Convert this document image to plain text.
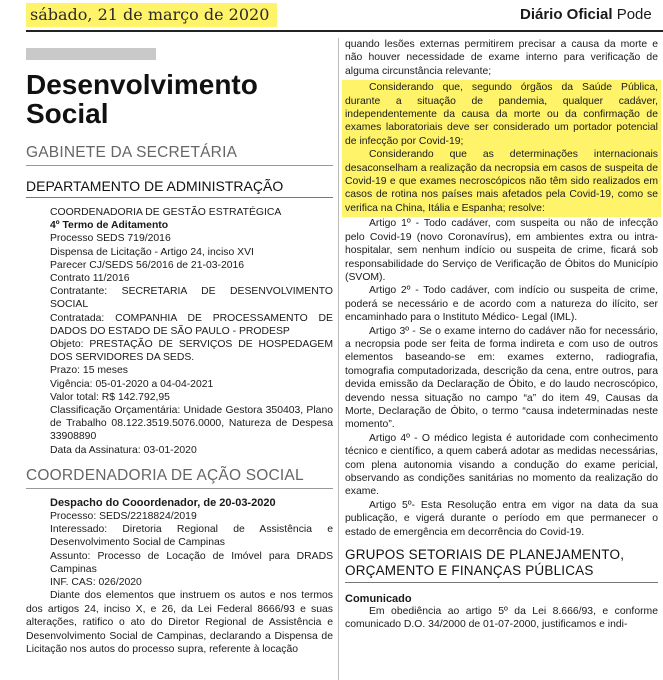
sábado, 21 de março de 2020	Diário Oficial Pode
Desenvolvimento
Social
GABINETE DA SECRETÁRIA
DEPARTAMENTO DE ADMINISTRAÇÃO
COORDENADORIA DE GESTÃO ESTRATÉGICA
4º Termo de Aditamento
Processo SEDS 719/2016
Dispensa de Licitação - Artigo 24, inciso XVI
Parecer CJ/SEDS 56/2016 de 21-03-2016
Contrato 11/2016
Contratante: SECRETARIA DE DESENVOLVIMENTO SOCIAL
Contratada: COMPANHIA DE PROCESSAMENTO DE DADOS DO ESTADO DE SÃO PAULO - PRODESP
Objeto: PRESTAÇÃO DE SERVIÇOS DE HOSPEDAGEM DOS SERVIDORES DA SEDS.
Prazo: 15 meses
Vigência: 05-01-2020 a 04-04-2021
Valor total: R$ 142.792,95
Classificação Orçamentária: Unidade Gestora 350403, Plano de Trabalho 08.122.3519.5076.0000, Natureza de Despesa 33908890
Data da Assinatura: 03-01-2020
COORDENADORIA DE AÇÃO SOCIAL
Despacho do Cooordenador, de 20-03-2020
Processo: SEDS/2218824/2019
Interessado: Diretoria Regional de Assistência e Desenvolvimento Social de Campinas
Assunto: Processo de Locação de Imóvel para DRADS Campinas
INF. CAS: 026/2020

Diante dos elementos que instruem os autos e nos termos dos artigos 24, inciso X, e 26, da Lei Federal 8666/93 e suas alterações, ratifico o ato do Diretor Regional de Assistência e Desenvolvimento Social de Campinas, declarando a Dispensa de Licitação nos autos do processo supra, referente à locação

quando lesões externas permitirem precisar a causa da morte e não houver necessidade de exame interno para verificação de alguma circunstância relevante;

Considerando que, segundo órgãos da Saúde Pública, durante a situação de pandemia, qualquer cadáver, independentemente da causa da morte ou da confirmação de exames laboratoriais deve ser considerado um portador potencial de infecção por Covid-19;

Considerando que as determinações internacionais desaconselham a realização da necropsia em casos de suspeita de Covid-19 e que exames necroscópicos não têm sido realizados em casos de rotina nos países mais afetados pela Covid-19, como se verifica na China, Itália e Espanha; resolve:

Artigo 1º - Todo cadáver, com suspeita ou não de infecção pelo Covid-19 (novo Coronavírus), em ambientes extra ou intra-hospitalar, sem nenhum indício ou suspeita de crime, ficará sob responsabilidade do Serviço de Verificação de Óbitos do Município (SVOM).

Artigo 2º - Todo cadáver, com indício ou suspeita de crime, poderá se necessário e de acordo com a natureza do ilícito, ser encaminhado para o Instituto Médico- Legal (IML).

Artigo 3º - Se o exame interno do cadáver não for necessário, a necropsia pode ser feita de forma indireta e com uso de outros elementos baseando-se em: exames externo, radiografia, tomografia computadorizada, descrição da cena, entre outros, para devida emissão da Declaração de Óbito, e do laudo necroscópico, devendo nessa situação no campo “a” do item 49, Causas da Morte, Declaração de Óbito, o termo “causa indeterminadas neste momento”.

Artigo 4º - O médico legista é autoridade com conhecimento técnico e científico, a quem caberá adotar as medidas necessárias, com plena autonomia visando a condução do exame pericial, observando as condições sanitárias no momento da realização do exame.

Artigo 5º- Esta Resolução entra em vigor na data da sua publicação, e vigerá durante o período em que permanecer o estado de emergência em decorrência do Covid-19.

GRUPOS SETORIAIS DE PLANEJAMENTO, ORÇAMENTO E FINANÇAS PÚBLICAS
Comunicado

Em obediência ao artigo 5º da Lei 8.666/93, e conforme comunicado D.O. 34/2000 de 01-07-2000, justificamos e indi-
